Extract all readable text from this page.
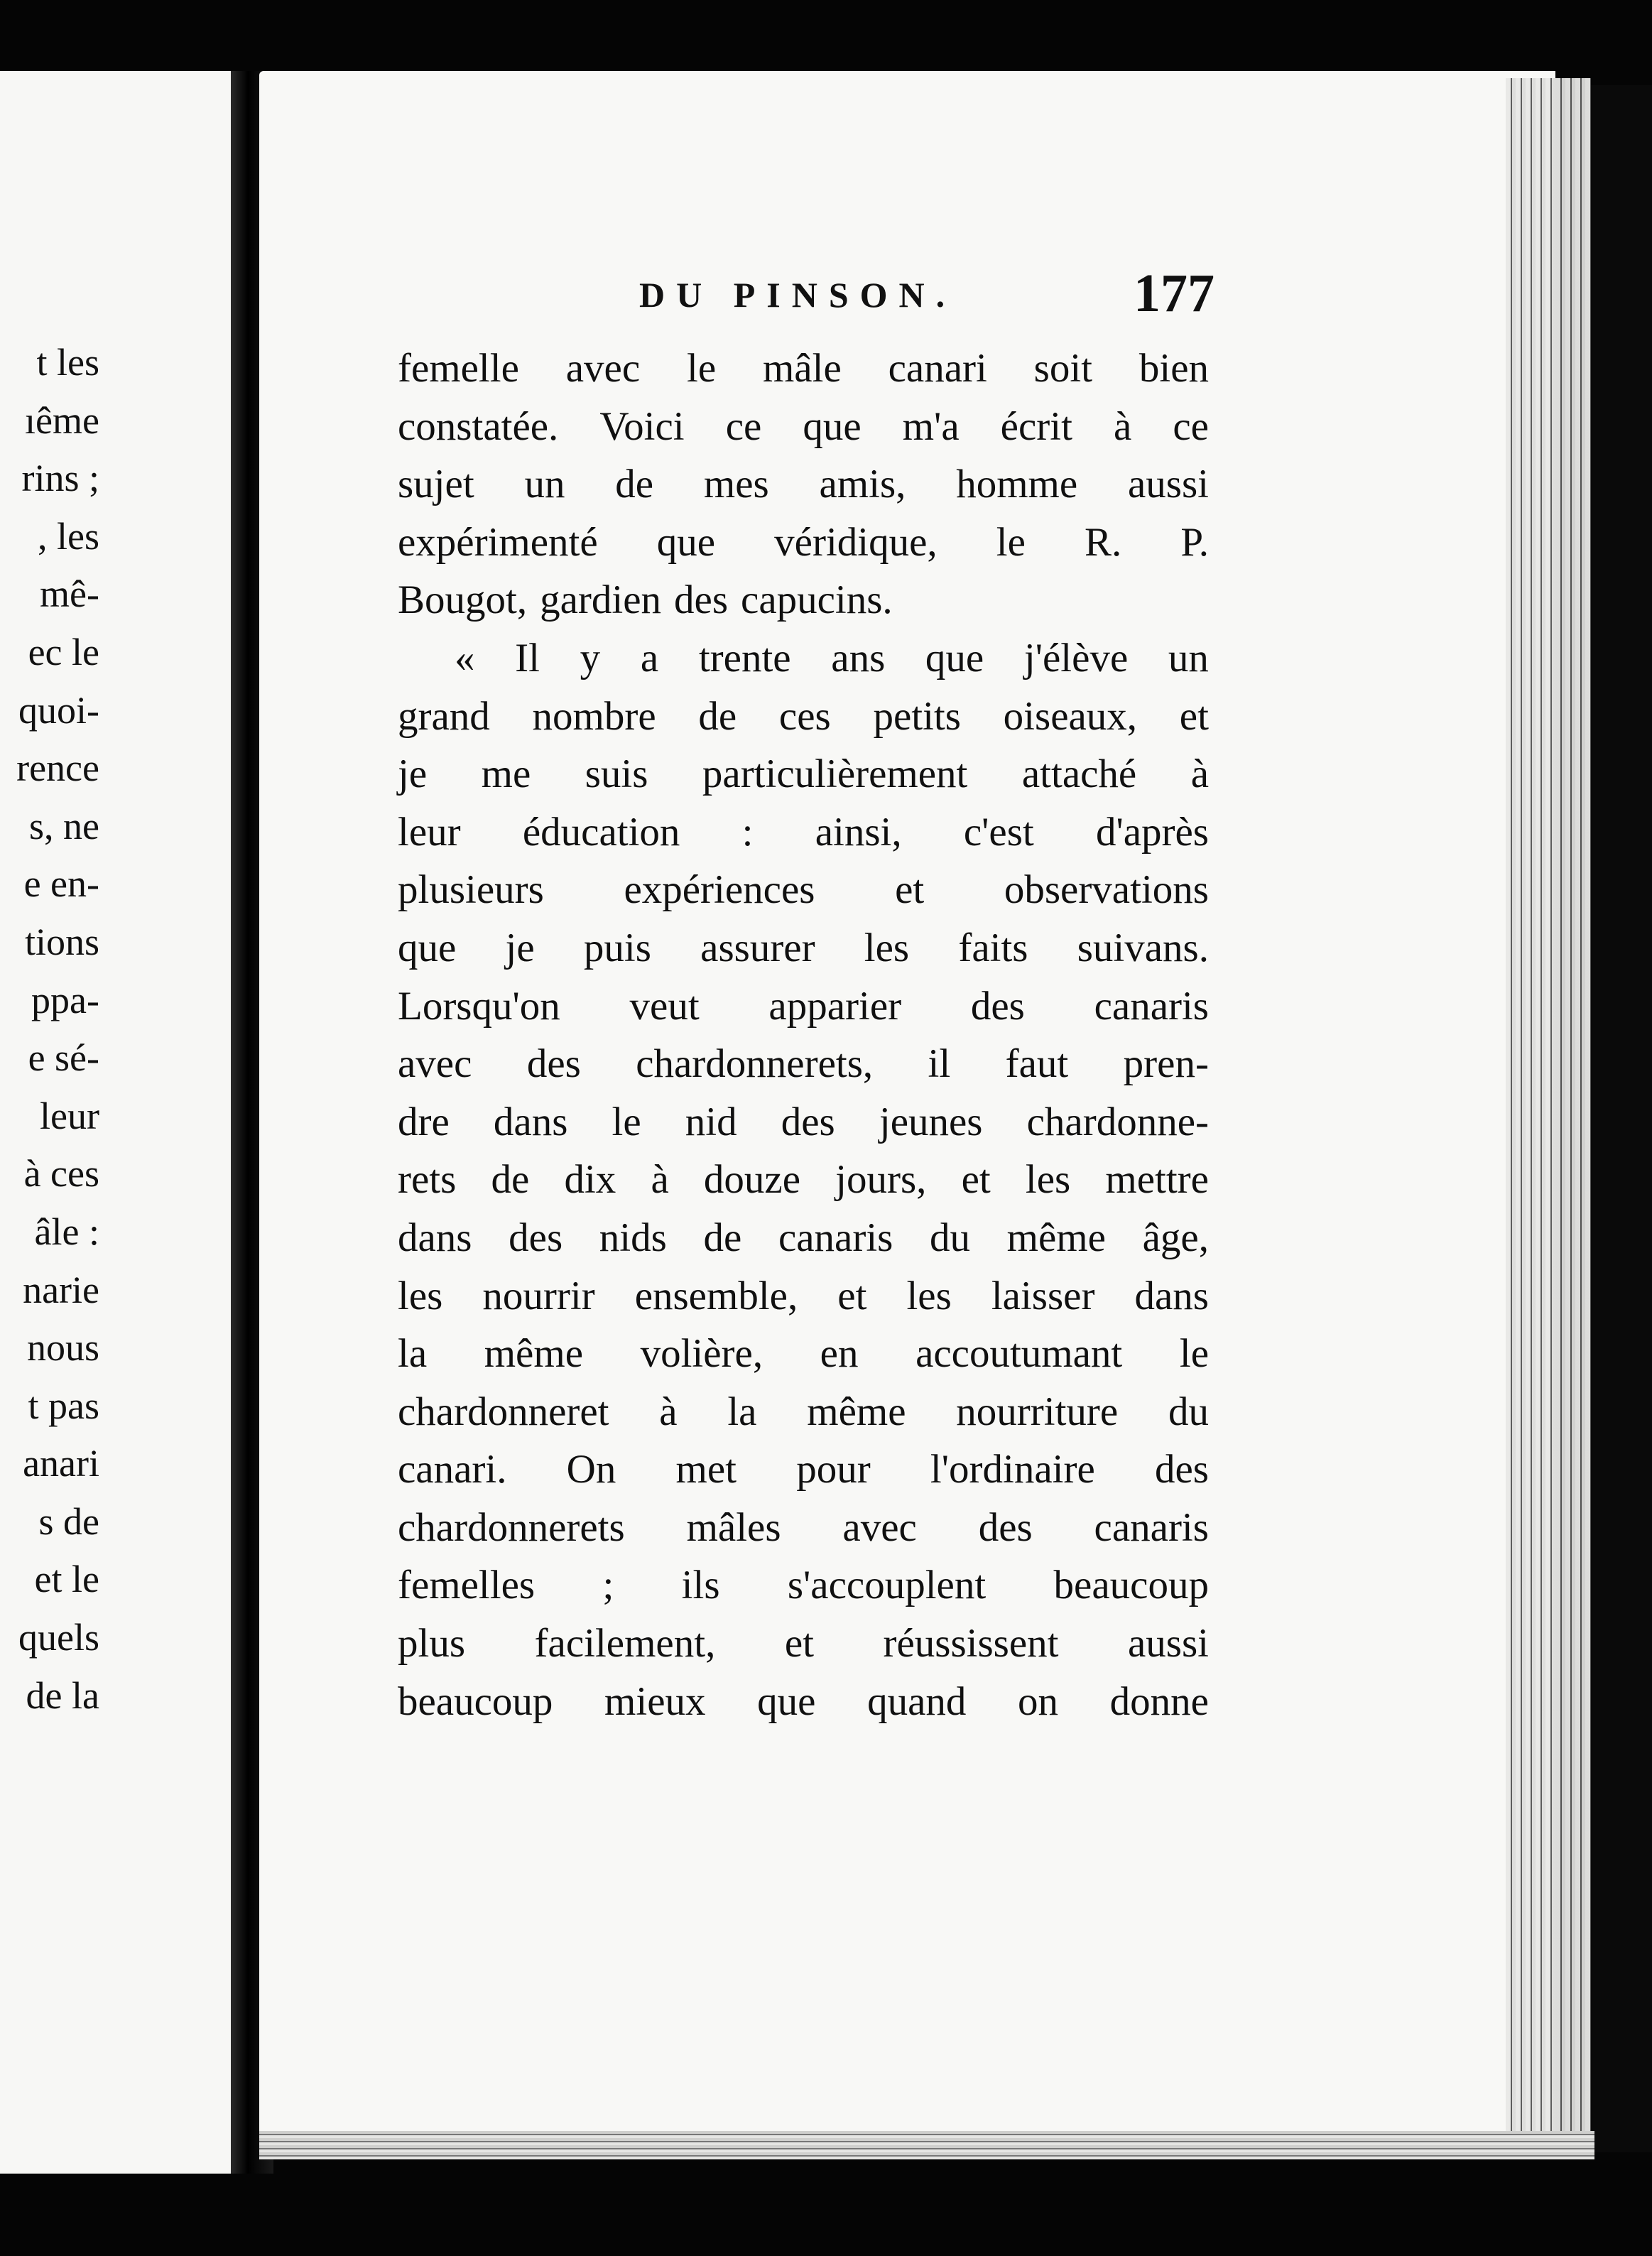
t les
ıême
rins ;
, les
mê-
ec le
quoi-
rence
s, ne
e en-
tions
ppa-
e sé-
leur
à ces
âle :
narie
nous
t pas
anari
s de
et le
quels
de la
DU PINSON.	177
femelle avec le mâle canari soit bien
constatée. Voici ce que m'a écrit à ce
sujet un de mes amis, homme aussi
expérimenté que véridique, le R. P.
Bougot, gardien des capucins.
« Il y a trente ans que j'élève un
grand nombre de ces petits oiseaux, et
je me suis particulièrement attaché à
leur éducation : ainsi, c'est d'après
plusieurs expériences et observations
que je puis assurer les faits suivans.
Lorsqu'on veut apparier des canaris
avec des chardonnerets, il faut pren-
dre dans le nid des jeunes chardonne-
rets de dix à douze jours, et les mettre
dans des nids de canaris du même âge,
les nourrir ensemble, et les laisser dans
la même volière, en accoutumant le
chardonneret à la même nourriture du
canari. On met pour l'ordinaire des
chardonnerets mâles avec des canaris
femelles ; ils s'accouplent beaucoup
plus facilement, et réussissent aussi
beaucoup mieux que quand on donne
